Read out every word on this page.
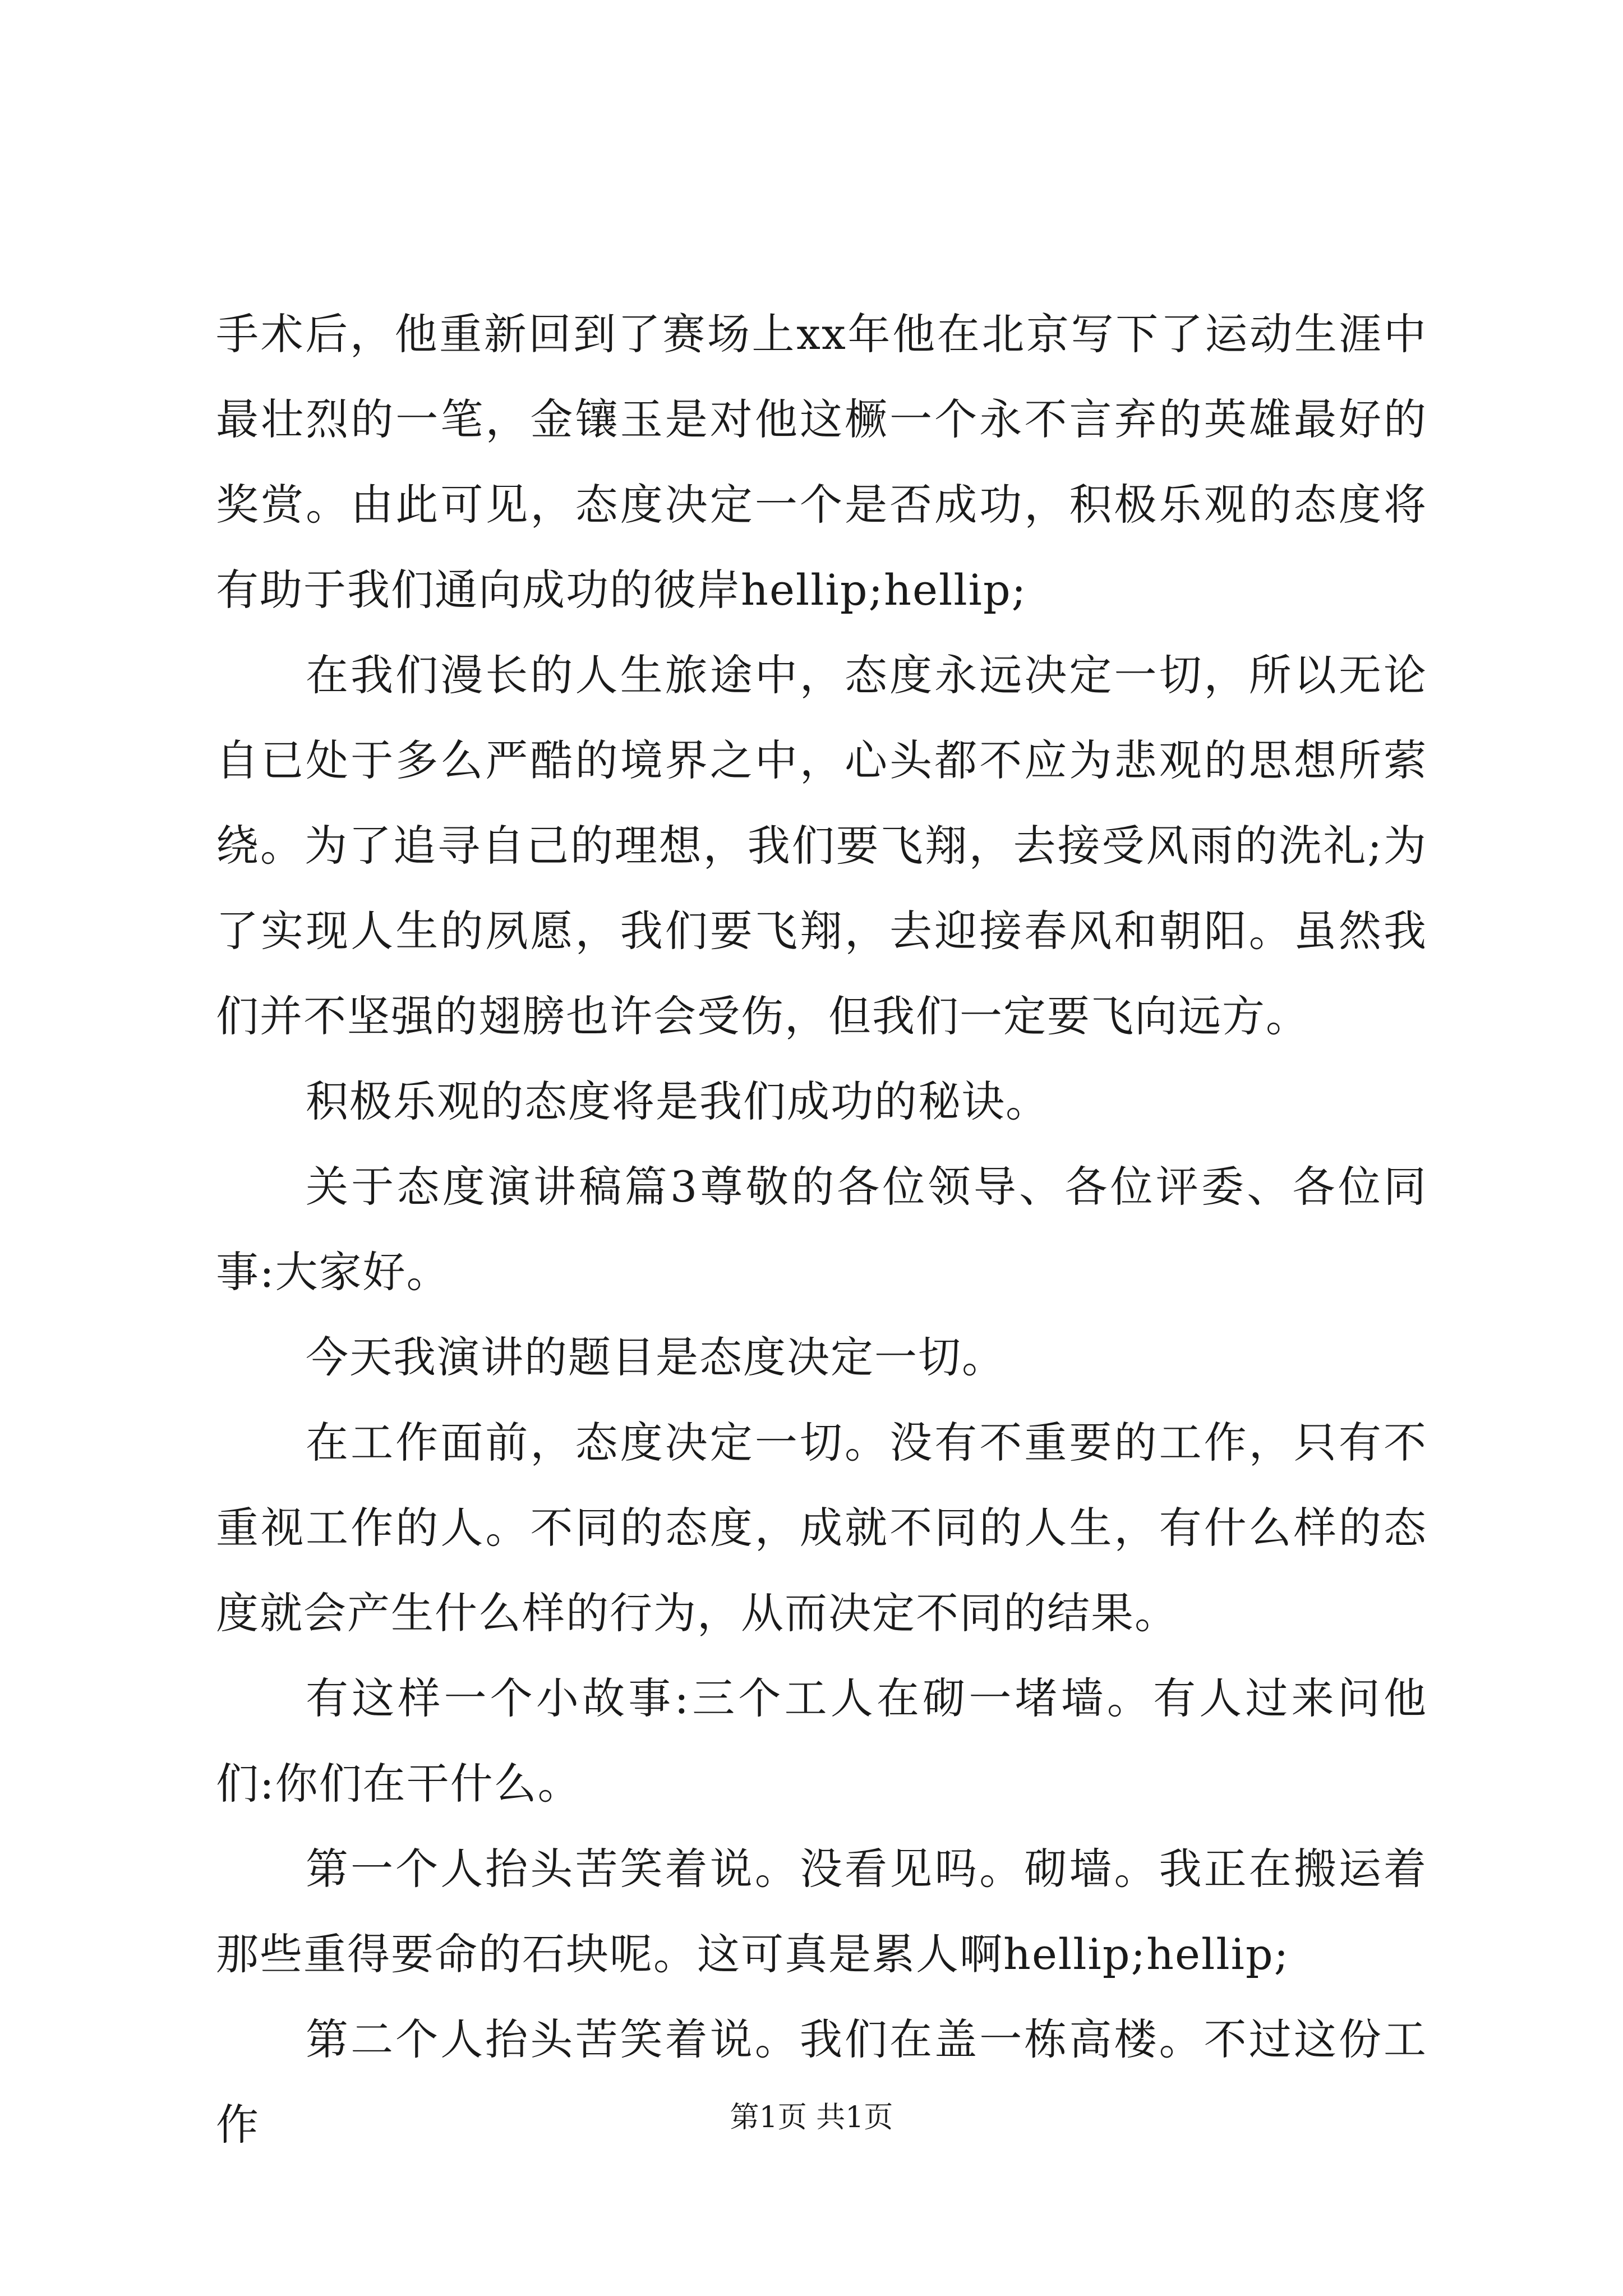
手术后，他重新回到了赛场上xx年他在北京写下了运动生涯中最壮烈的一笔，金镶玉是对他这橛一个永不言弃的英雄最好的奖赏。由此可见，态度决定一个是否成功，积极乐观的态度将有助于我们通向成功的彼岸hellip;hellip;

在我们漫长的人生旅途中，态度永远决定一切，所以无论自已处于多么严酷的境界之中，心头都不应为悲观的思想所萦绕。为了追寻自己的理想，我们要飞翔，去接受风雨的洗礼;为了实现人生的夙愿，我们要飞翔，去迎接春风和朝阳。虽然我们并不坚强的翅膀也许会受伤，但我们一定要飞向远方。

积极乐观的态度将是我们成功的秘诀。

关于态度演讲稿篇3尊敬的各位领导、各位评委、各位同事:大家好。

今天我演讲的题目是态度决定一切。

在工作面前，态度决定一切。没有不重要的工作，只有不重视工作的人。不同的态度，成就不同的人生，有什么样的态度就会产生什么样的行为，从而决定不同的结果。

有这样一个小故事:三个工人在砌一堵墙。有人过来问他们:你们在干什么。

第一个人抬头苦笑着说。没看见吗。砌墙。我正在搬运着那些重得要命的石块呢。这可真是累人啊hellip;hellip;

第二个人抬头苦笑着说。我们在盖一栋高楼。不过这份工作	第1页 共1页
